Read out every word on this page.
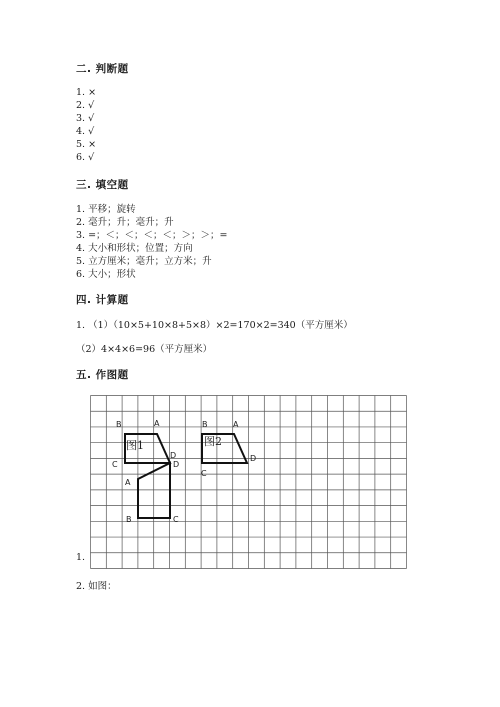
二. 判断题
1. ×
2. √
3. √
4. √
5. ×
6. √
三. 填空题
1. 平移；旋转
2. 毫升；升；毫升；升
3. =；＜；＜；＜；＜；＞；＞；=
4. 大小和形状；位置；方向
5. 立方厘米；毫升；立方米；升
6. 大小；形状
四. 计算题
1. （1）（10×5+10×8+5×8）×2=170×2=340（平方厘米）
（2）4×4×6=96（平方厘米）
五. 作图题
图1	图2
B	A
C
D
B	A
C
D
A
B	C
D
1.
2. 如图：
